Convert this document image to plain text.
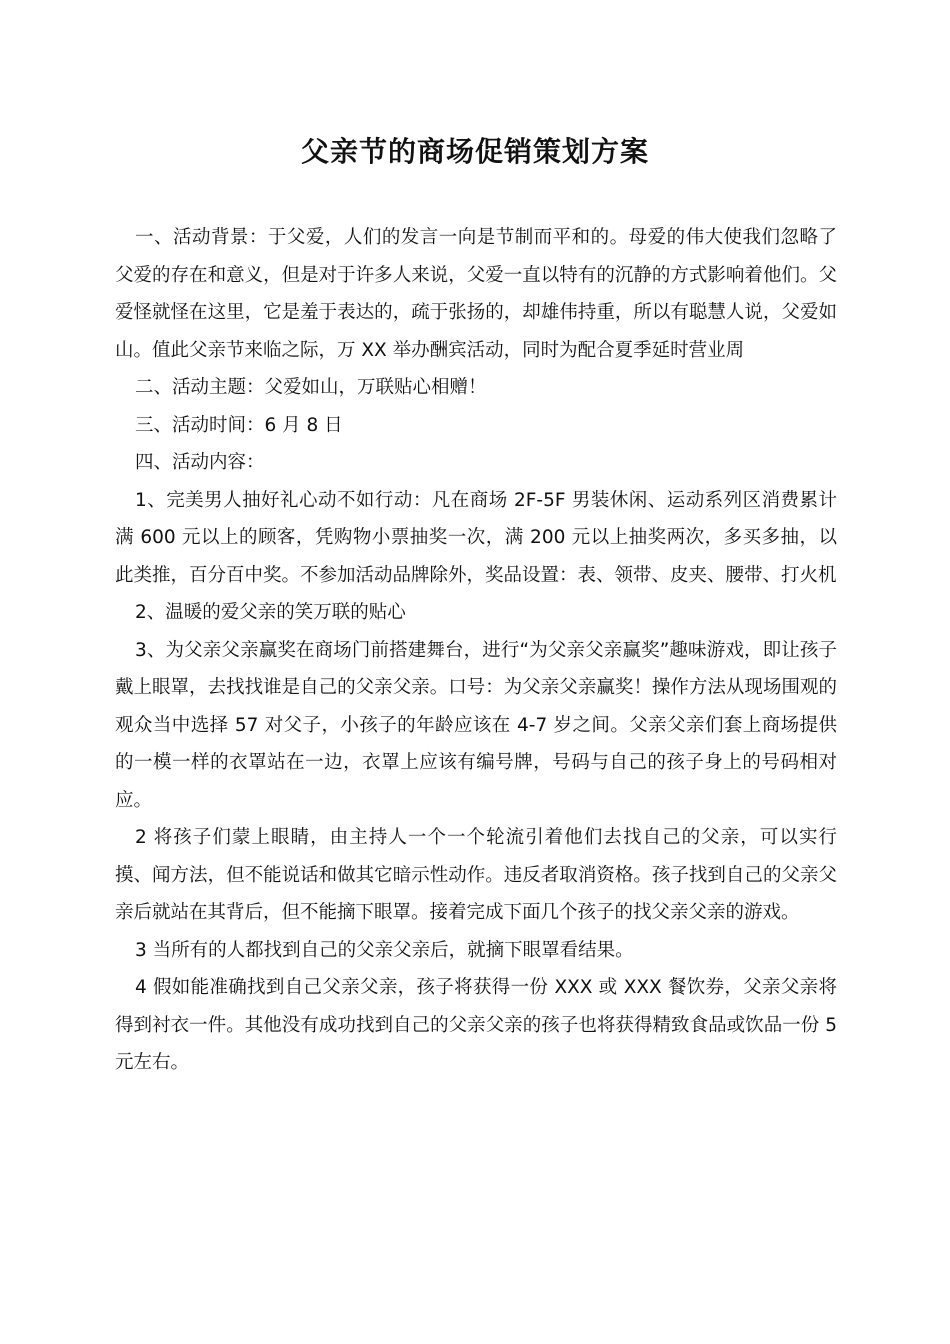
父亲节的商场促销策划方案

一、活动背景：于父爱，人们的发言一向是节制而平和的。母爱的伟大使我们忽略了父爱的存在和意义，但是对于许多人来说，父爱一直以特有的沉静的方式影响着他们。父爱怪就怪在这里，它是羞于表达的，疏于张扬的，却雄伟持重，所以有聪慧人说，父爱如山。值此父亲节来临之际，万 XX 举办酬宾活动，同时为配合夏季延时营业周

二、活动主题：父爱如山，万联贴心相赠！

三、活动时间：6 月 8 日

四、活动内容：

1、完美男人抽好礼心动不如行动：凡在商场 2F-5F 男装休闲、运动系列区消费累计满 600 元以上的顾客，凭购物小票抽奖一次，满 200 元以上抽奖两次，多买多抽，以此类推，百分百中奖。不参加活动品牌除外，奖品设置：表、领带、皮夹、腰带、打火机

2、温暖的爱父亲的笑万联的贴心

3、为父亲父亲赢奖在商场门前搭建舞台，进行“为父亲父亲赢奖”趣味游戏，即让孩子戴上眼罩，去找找谁是自己的父亲父亲。口号：为父亲父亲赢奖！操作方法从现场围观的观众当中选择 57 对父子，小孩子的年龄应该在 4-7 岁之间。父亲父亲们套上商场提供的一模一样的衣罩站在一边，衣罩上应该有编号牌，号码与自己的孩子身上的号码相对应。

2 将孩子们蒙上眼睛，由主持人一个一个轮流引着他们去找自己的父亲，可以实行摸、闻方法，但不能说话和做其它暗示性动作。违反者取消资格。孩子找到自己的父亲父亲后就站在其背后，但不能摘下眼罩。接着完成下面几个孩子的找父亲父亲的游戏。

3 当所有的人都找到自己的父亲父亲后，就摘下眼罩看结果。

4 假如能准确找到自己父亲父亲，孩子将获得一份 XXX 或 XXX 餐饮券，父亲父亲将得到衬衣一件。其他没有成功找到自己的父亲父亲的孩子也将获得精致食品或饮品一份 5 元左右。
